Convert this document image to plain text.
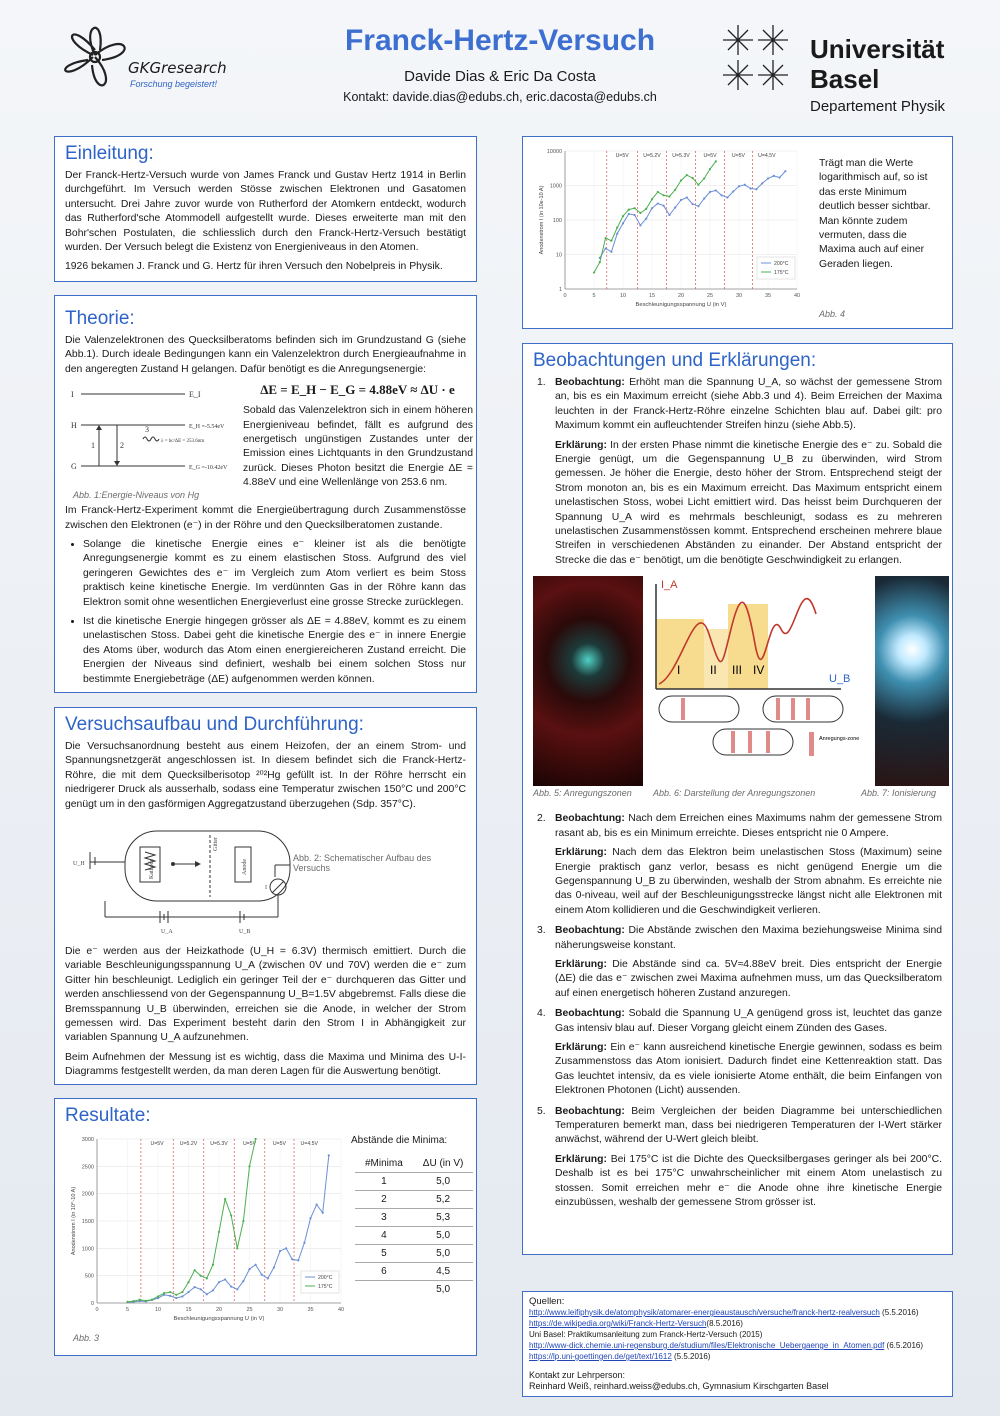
GKGresearch
Forschung begeistert!
Franck-Hertz-Versuch
Davide Dias & Eric Da Costa
Kontakt: davide.dias@edubs.ch, eric.dacosta@edubs.ch
Universität
Basel
Departement Physik
Einleitung:

Der Franck-Hertz-Versuch wurde von James Franck und Gustav Hertz 1914 in Berlin durchgeführt. Im Versuch werden Stösse zwischen Elektronen und Gasatomen untersucht. Drei Jahre zuvor wurde von Rutherford der Atomkern entdeckt, wodurch das Rutherford'sche Atommodell aufgestellt wurde. Dieses erweiterte man mit den Bohr'schen Postulaten, die schliesslich durch den Franck-Hertz-Versuch bestätigt wurden. Der Versuch belegt die Existenz von Energieniveaus in den Atomen.

1926 bekamen J. Franck und G. Hertz für ihren Versuch den Nobelpreis in Physik.

Theorie:

Die Valenzelektronen des Quecksilberatoms befinden sich im Grundzustand G (siehe Abb.1). Durch ideale Bedingungen kann ein Valenzelektron durch Energieaufnahme in den angeregten Zustand H gelangen. Dafür benötigt es die Anregungsenergie:

I
H
G
E_I
E_H =-5.54eV
E_G =-10.42eV
1	2
3
λ = hc/ΔE = 253.6nm
Abb. 1:Energie-Niveaus von Hg
ΔE = E_H − E_G = 4.88eV ≈ ΔU · e

Sobald das Valenzelektron sich in einem höheren Energieniveau befindet, fällt es aufgrund des energetisch ungünstigen Zustandes unter der Emission eines Lichtquants in den Grundzustand zurück. Dieses Photon besitzt die Energie ΔE = 4.88eV und eine Wellenlänge von 253.6 nm.

Im Franck-Hertz-Experiment kommt die Energieübertragung durch Zusammenstösse zwischen den Elektronen (e⁻) in der Röhre und den Quecksilberatomen zustande.

• Solange die kinetische Energie eines e⁻ kleiner ist als die benötigte Anregungsenergie kommt es zu einem elastischen Stoss. Aufgrund des viel geringeren Gewichtes des e⁻ im Vergleich zum Atom verliert es beim Stoss praktisch keine kinetische Energie. Im verdünnten Gas in der Röhre kann das Elektron somit ohne wesentlichen Energieverlust eine grosse Strecke zurücklegen.
• Ist die kinetische Energie hingegen grösser als ΔE = 4.88eV, kommt es zu einem unelastischen Stoss. Dabei geht die kinetische Energie des e⁻ in innere Energie des Atoms über, wodurch das Atom einen energiereicheren Zustand erreicht. Die Energien der Niveaus sind definiert, weshalb bei einem solchen Stoss nur bestimmte Energiebeträge (ΔE) aufgenommen werden können.
Versuchsaufbau und Durchführung:

Die Versuchsanordnung besteht aus einem Heizofen, der an einem Strom- und Spannungsnetzgerät angeschlossen ist. In diesem befindet sich die Franck-Hertz-Röhre, die mit dem Quecksilberisotop ²⁰²Hg gefüllt ist. In der Röhre herrscht ein niedrigerer Druck als ausserhalb, sodass eine Temperatur zwischen 150°C und 200°C genügt um in den gasförmigen Aggregatzustand überzugehen (Sdp. 357°C).

U_H	Kathode
Gitter
Anode
I
U_A	U_B
Abb. 2: Schematischer Aufbau des Versuchs

Die e⁻ werden aus der Heizkathode (U_H = 6.3V) thermisch emittiert. Durch die variable Beschleunigungsspannung U_A (zwischen 0V und 70V) werden die e⁻ zum Gitter hin beschleunigt. Lediglich ein geringer Teil der e⁻ durchqueren das Gitter und werden anschliessend von der Gegenspannung U_B=1.5V abgebremst. Falls diese die Bremsspannung U_B überwinden, erreichen sie die Anode, in welcher der Strom gemessen wird. Das Experiment besteht darin den Strom I in Abhängigkeit zur variablen Spannung U_A aufzunehmen.

Beim Aufnehmen der Messung ist es wichtig, dass die Maxima und Minima des U-I-Diagramms festgestellt werden, da man deren Lagen für die Auswertung benötigt.

Resultate:
0
500
1000
1500
2000
2500
3000
0	5	10	15	20	25	30	35	40
U=5V	U=5.2V	U=5.3V	U=5V	U=5V	U=4.5V
200°C
175°C
Beschleunigungsspannung U (in V)
Anodenstrom I (in 10^-10 A)
Abb. 3
Abstände die Minima:
#Minima	ΔU (in V)
1	5,0
2	5,2
3	5,3
4	5,0
5	5,0
6	4,5
	5,0
1
10
100
1000
10000
0	5	10	15	20	25	30	35	40
U=5V	U=5.2V U=5.3V	U=5V	U=5V	U=4.5V
200°C
175°C
Beschleunigungsspannung U (in V)
Anodenstrom I (in 10e-10 A)

Trägt man die Werte logarithmisch auf, so ist das erste Minimum deutlich besser sichtbar. Man könnte zudem vermuten, dass die Maxima auch auf einer Geraden liegen.

Abb. 4
Beobachtungen und Erklärungen:
1. Beobachtung: Erhöht man die Spannung U_A, so wächst der gemessene Strom an, bis es ein Maximum erreicht (siehe Abb.3 und 4). Beim Erreichen der Maxima leuchten in der Franck-Hertz-Röhre einzelne Schichten blau auf. Dabei gilt: pro Maximum kommt ein aufleuchtender Streifen hinzu (siehe Abb.5).

Erklärung: In der ersten Phase nimmt die kinetische Energie des e⁻ zu. Sobald die Energie genügt, um die Gegenspannung U_B zu überwinden, wird Strom gemessen. Je höher die Energie, desto höher der Strom. Entsprechend steigt der Strom monoton an, bis es ein Maximum erreicht. Das Maximum entspricht einem unelastischen Stoss, wobei Licht emittiert wird. Das heisst beim Durchqueren der Spannung U_A wird es mehrmals beschleunigt, sodass es zu mehreren unelastischen Zusammenstössen kommt. Entsprechend erscheinen mehrere blaue Streifen in verschiedenen Abständen zu einander. Der Abstand entspricht der Strecke die das e⁻ benötigt, um die benötigte Geschwindigkeit zu erlangen.

I_A
U_B
I II III IV
Anregungs-zone
Abb. 5: Anregungszonen Abb. 6: Darstellung der Anregungszonen	Abb. 7: Ionisierung
2. Beobachtung: Nach dem Erreichen eines Maximums nahm der gemessene Strom rasant ab, bis es ein Minimum erreichte. Dieses entspricht nie 0 Ampere.

Erklärung: Nach dem das Elektron beim unelastischen Stoss (Maximum) seine Energie praktisch ganz verlor, besass es nicht genügend Energie um die Gegenspannung U_B zu überwinden, weshalb der Strom abnahm. Es erreichte nie das 0-niveau, weil auf der Beschleunigungsstrecke längst nicht alle Elektronen mit einem Atom kollidieren und die Geschwindigkeit verlieren.

3. Beobachtung: Die Abstände zwischen den Maxima beziehungsweise Minima sind näherungsweise konstant.

Erklärung: Die Abstände sind ca. 5V≈4.88eV breit. Dies entspricht der Energie (ΔE) die das e⁻ zwischen zwei Maxima aufnehmen muss, um das Quecksilberatom auf einen energetisch höheren Zustand anzuregen.

4. Beobachtung: Sobald die Spannung U_A genügend gross ist, leuchtet das ganze Gas intensiv blau auf. Dieser Vorgang gleicht einem Zünden des Gases.

Erklärung: Ein e⁻ kann ausreichend kinetische Energie gewinnen, sodass es beim Zusammenstoss das Atom ionisiert. Dadurch findet eine Kettenreaktion statt. Das Gas leuchtet intensiv, da es viele ionisierte Atome enthält, die beim Einfangen von Elektronen Photonen (Licht) aussenden.

5. Beobachtung: Beim Vergleichen der beiden Diagramme bei unterschiedlichen Temperaturen bemerkt man, dass bei niedrigeren Temperaturen der I-Wert stärker anwächst, während der U-Wert gleich bleibt.

Erklärung: Bei 175°C ist die Dichte des Quecksilbergases geringer als bei 200°C. Deshalb ist es bei 175°C unwahrscheinlicher mit einem Atom unelastisch zu stossen. Somit erreichen mehr e⁻ die Anode ohne ihre kinetische Energie einzubüssen, weshalb der gemessene Strom grösser ist.

Quellen:

http://www.leifiphysik.de/atomphysik/atomarer-energieaustausch/versuche/franck-hertz-realversuch (5.5.2016)

https://de.wikipedia.org/wiki/Franck-Hertz-Versuch(8.5.2016)

Uni Basel: Praktikumsanleitung zum Franck-Hertz-Versuch (2015)

http://www-dick.chemie.uni-regensburg.de/studium/files/Elektronische_Uebergaenge_in_Atomen.pdf (6.5.2016)

https://lp.uni-goettingen.de/get/text/1612 (5.5.2016)

Kontakt zur Lehrperson:

Reinhard Weiß, reinhard.weiss@edubs.ch, Gymnasium Kirschgarten Basel
